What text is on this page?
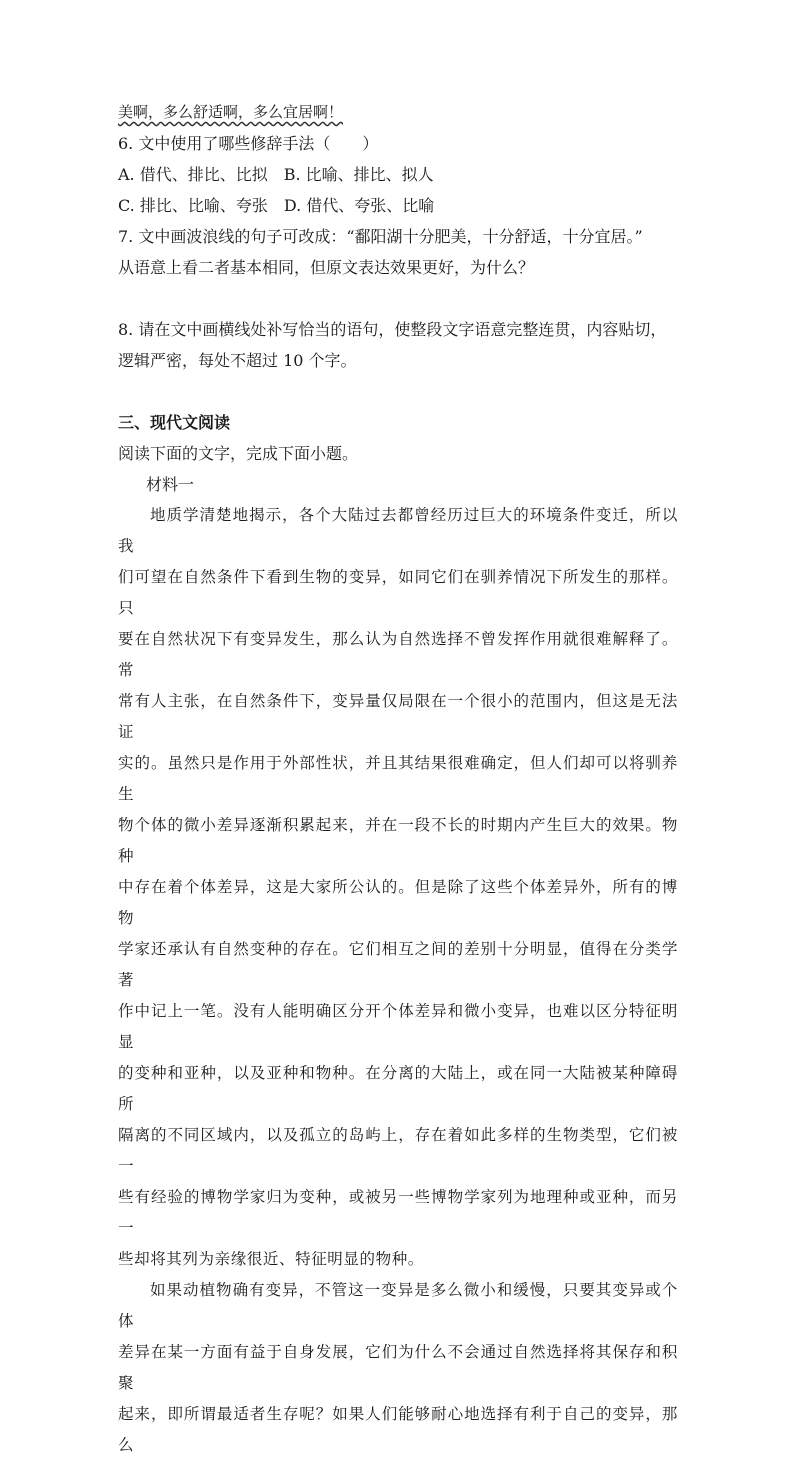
美啊，多么舒适啊，多么宜居啊！
6. 文中使用了哪些修辞手法（　　）
A. 借代、排比、比拟　B. 比喻、排比、拟人
C. 排比、比喻、夸张　D. 借代、夸张、比喻
7. 文中画波浪线的句子可改成：“鄱阳湖十分肥美，十分舒适，十分宜居。”
从语意上看二者基本相同，但原文表达效果更好，为什么？
8. 请在文中画横线处补写恰当的语句，使整段文字语意完整连贯，内容贴切，
逻辑严密，每处不超过 10 个字。
三、现代文阅读
阅读下面的文字，完成下面小题。
材料一
地质学清楚地揭示，各个大陆过去都曾经历过巨大的环境条件变迁，所以我
们可望在自然条件下看到生物的变异，如同它们在驯养情况下所发生的那样。只
要在自然状况下有变异发生，那么认为自然选择不曾发挥作用就很难解释了。常
常有人主张，在自然条件下，变异量仅局限在一个很小的范围内，但这是无法证
实的。虽然只是作用于外部性状，并且其结果很难确定，但人们却可以将驯养生
物个体的微小差异逐渐积累起来，并在一段不长的时期内产生巨大的效果。物种
中存在着个体差异，这是大家所公认的。但是除了这些个体差异外，所有的博物
学家还承认有自然变种的存在。它们相互之间的差别十分明显，值得在分类学著
作中记上一笔。没有人能明确区分开个体差异和微小变异，也难以区分特征明显
的变种和亚种，以及亚种和物种。在分离的大陆上，或在同一大陆被某种障碍所
隔离的不同区域内，以及孤立的岛屿上，存在着如此多样的生物类型，它们被一
些有经验的博物学家归为变种，或被另一些博物学家列为地理种或亚种，而另一
些却将其列为亲缘很近、特征明显的物种。
如果动植物确有变异，不管这一变异是多么微小和缓慢，只要其变异或个体
差异在某一方面有益于自身发展，它们为什么不会通过自然选择将其保存和积聚
起来，即所谓最适者生存呢？如果人们能够耐心地选择有利于自己的变异，那么
